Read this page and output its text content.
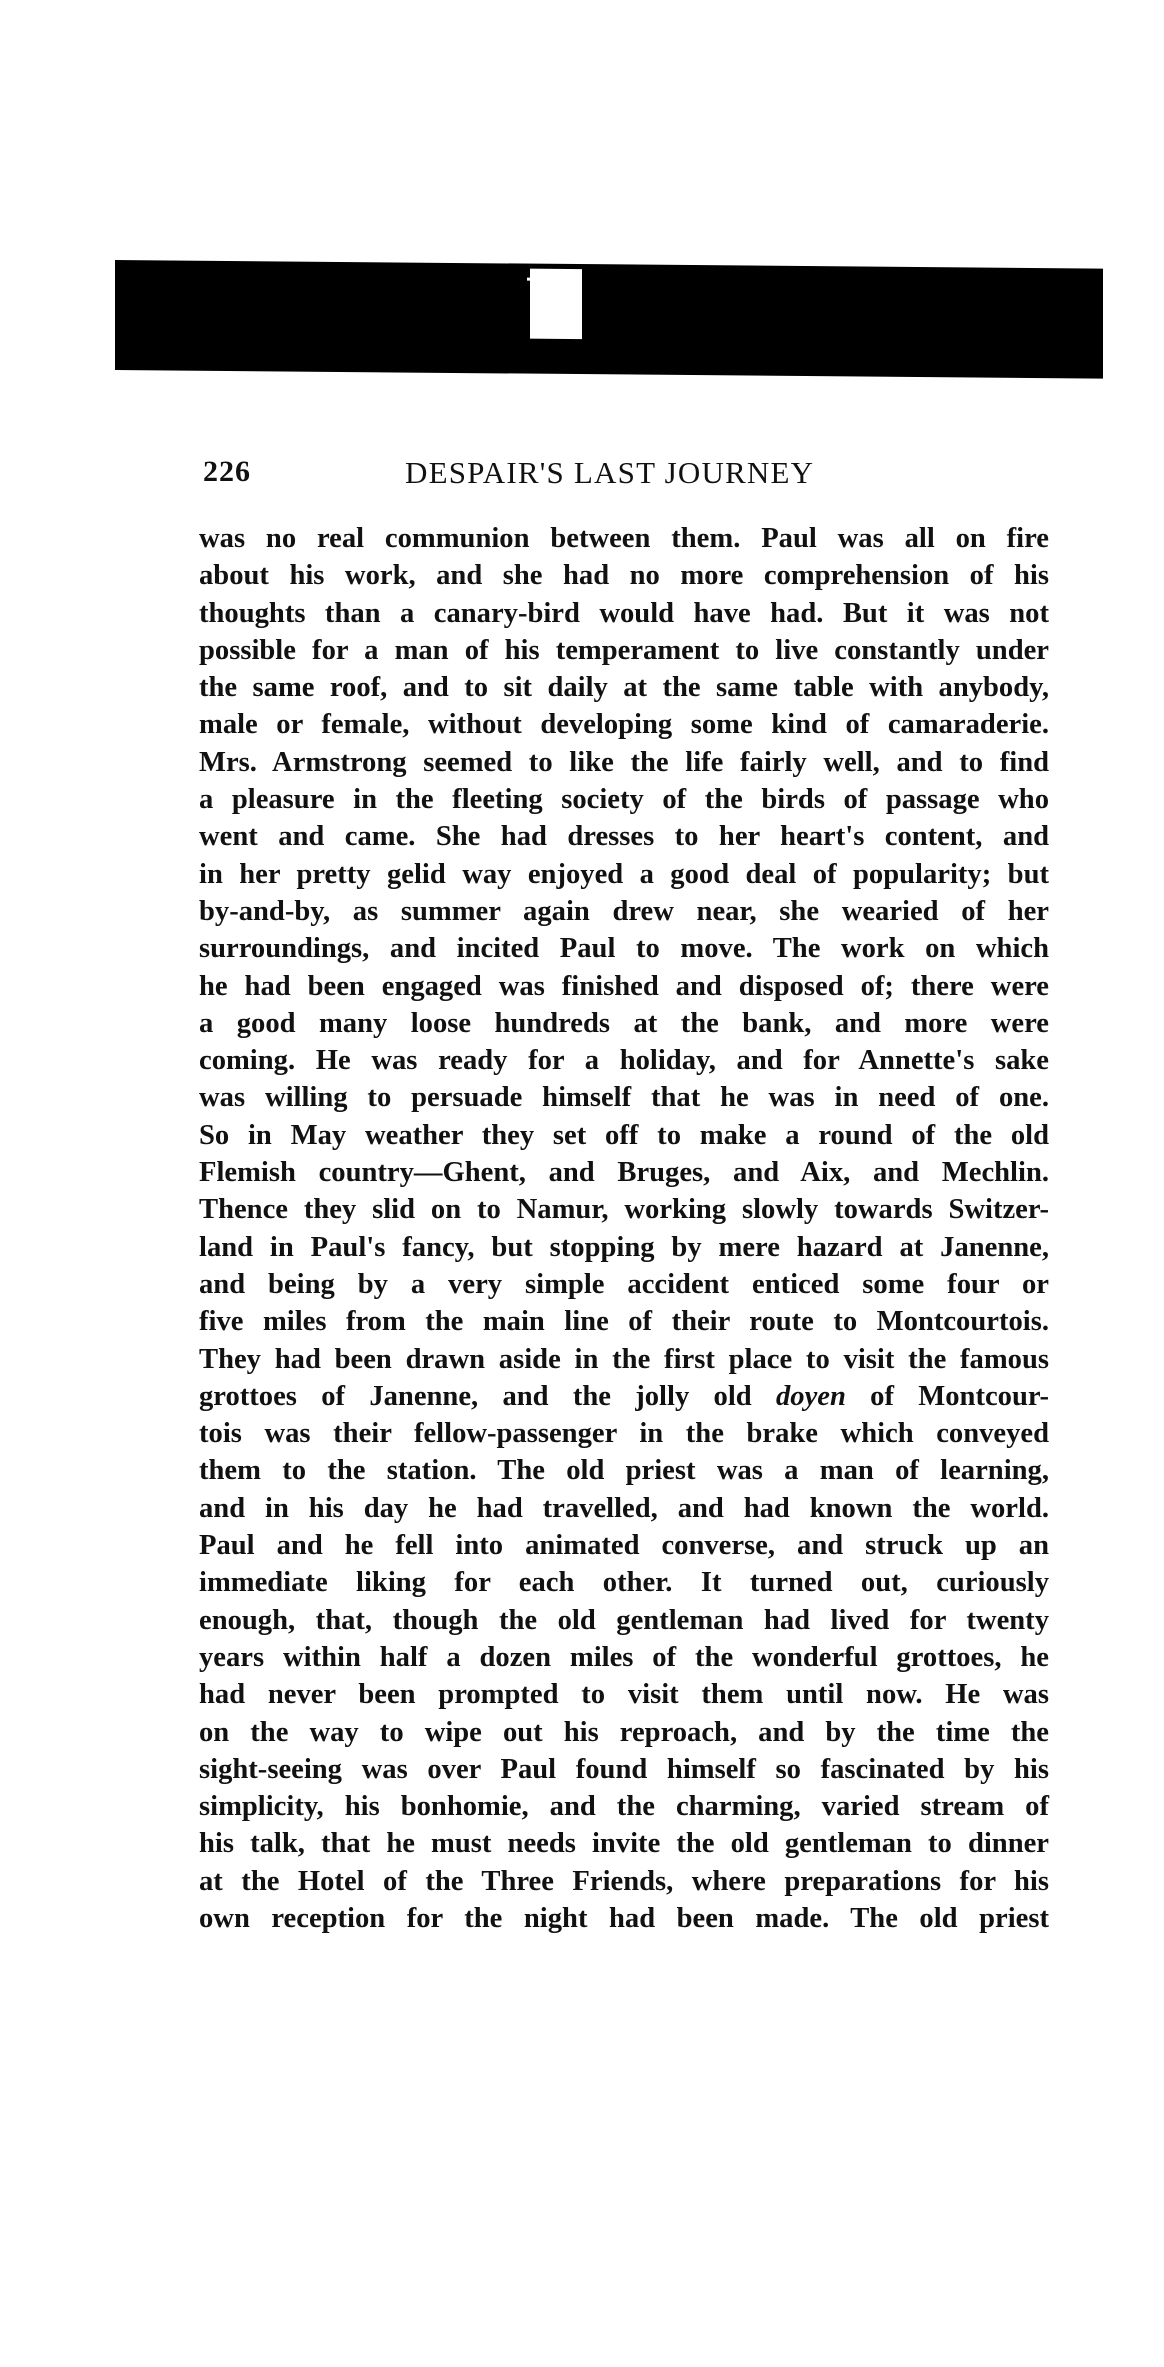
226	DESPAIR'S LAST JOURNEY
was no real communion between them. Paul was all on fire
about his work, and she had no more comprehension of his
thoughts than a canary-bird would have had. But it was not
possible for a man of his temperament to live constantly under
the same roof, and to sit daily at the same table with anybody,
male or female, without developing some kind of camaraderie.
Mrs. Armstrong seemed to like the life fairly well, and to find
a pleasure in the fleeting society of the birds of passage who
went and came. She had dresses to her heart's content, and
in her pretty gelid way enjoyed a good deal of popularity; but
by-and-by, as summer again drew near, she wearied of her
surroundings, and incited Paul to move. The work on which
he had been engaged was finished and disposed of; there were
a good many loose hundreds at the bank, and more were
coming. He was ready for a holiday, and for Annette's sake
was willing to persuade himself that he was in need of one.
So in May weather they set off to make a round of the old
Flemish country—Ghent, and Bruges, and Aix, and Mechlin.
Thence they slid on to Namur, working slowly towards Switzer-
land in Paul's fancy, but stopping by mere hazard at Janenne,
and being by a very simple accident enticed some four or
five miles from the main line of their route to Montcourtois.
They had been drawn aside in the first place to visit the famous
grottoes of Janenne, and the jolly old doyen of Montcour-
tois was their fellow-passenger in the brake which conveyed
them to the station. The old priest was a man of learning,
and in his day he had travelled, and had known the world.
Paul and he fell into animated converse, and struck up an
immediate liking for each other. It turned out, curiously
enough, that, though the old gentleman had lived for twenty
years within half a dozen miles of the wonderful grottoes, he
had never been prompted to visit them until now. He was
on the way to wipe out his reproach, and by the time the
sight-seeing was over Paul found himself so fascinated by his
simplicity, his bonhomie, and the charming, varied stream of
his talk, that he must needs invite the old gentleman to dinner
at the Hotel of the Three Friends, where preparations for his
own reception for the night had been made. The old priest
